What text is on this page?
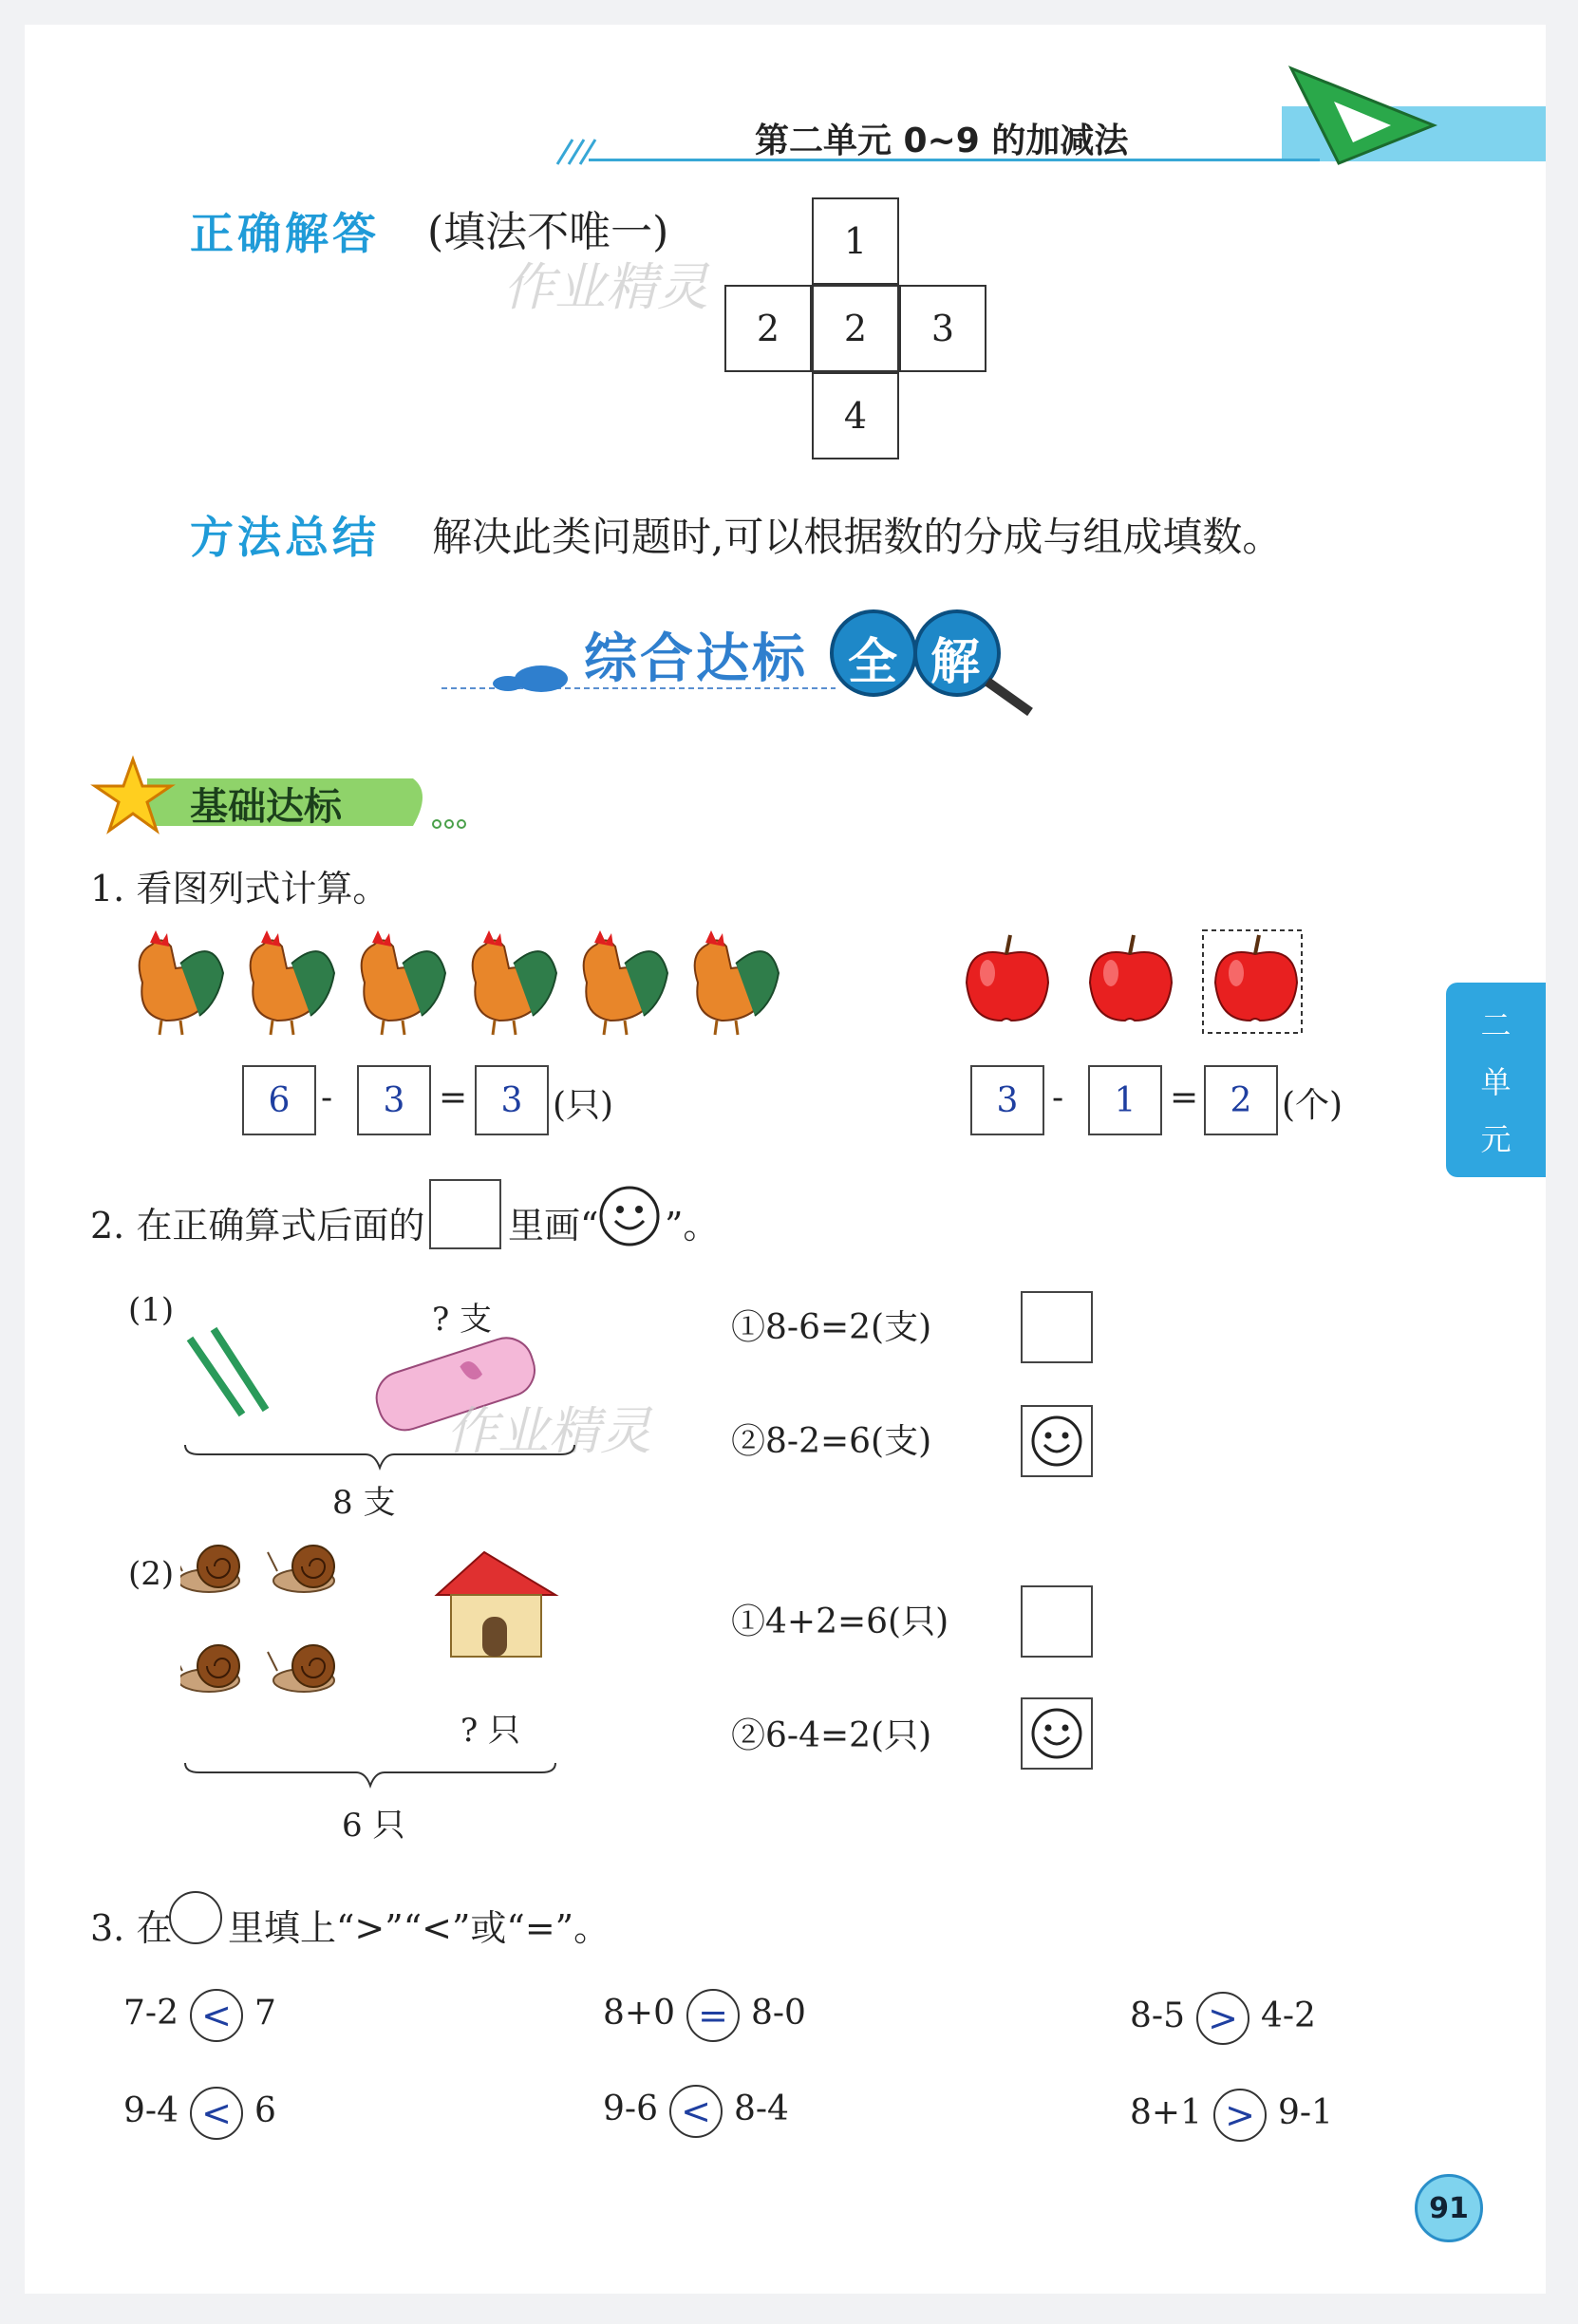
第二单元 0~9 的加减法
正确解答 (填法不唯一)
作业精灵
1
2	2	3
4
方法总结 解决此类问题时,可以根据数的分成与组成填数。
综合达标 全 解
基础达标
1. 看图列式计算。
6 -	3 = 3 (只)	3 -	1 = 2 (个)
2. 在正确算式后面的 里画“ ”。
(1)	? 支
作业精灵
8 支
①8-6=2(支)
②8-2=6(支)
(2)
? 只
6 只
①4+2=6(只)
②6-4=2(只)
3. 在 里填上“>”“<”或“=”。
7-2 < 7	8+0 = 8-0	8-5 > 4-2
9-4 < 6	9-6 < 8-4	8+1 > 9-1
二
单
元
91
